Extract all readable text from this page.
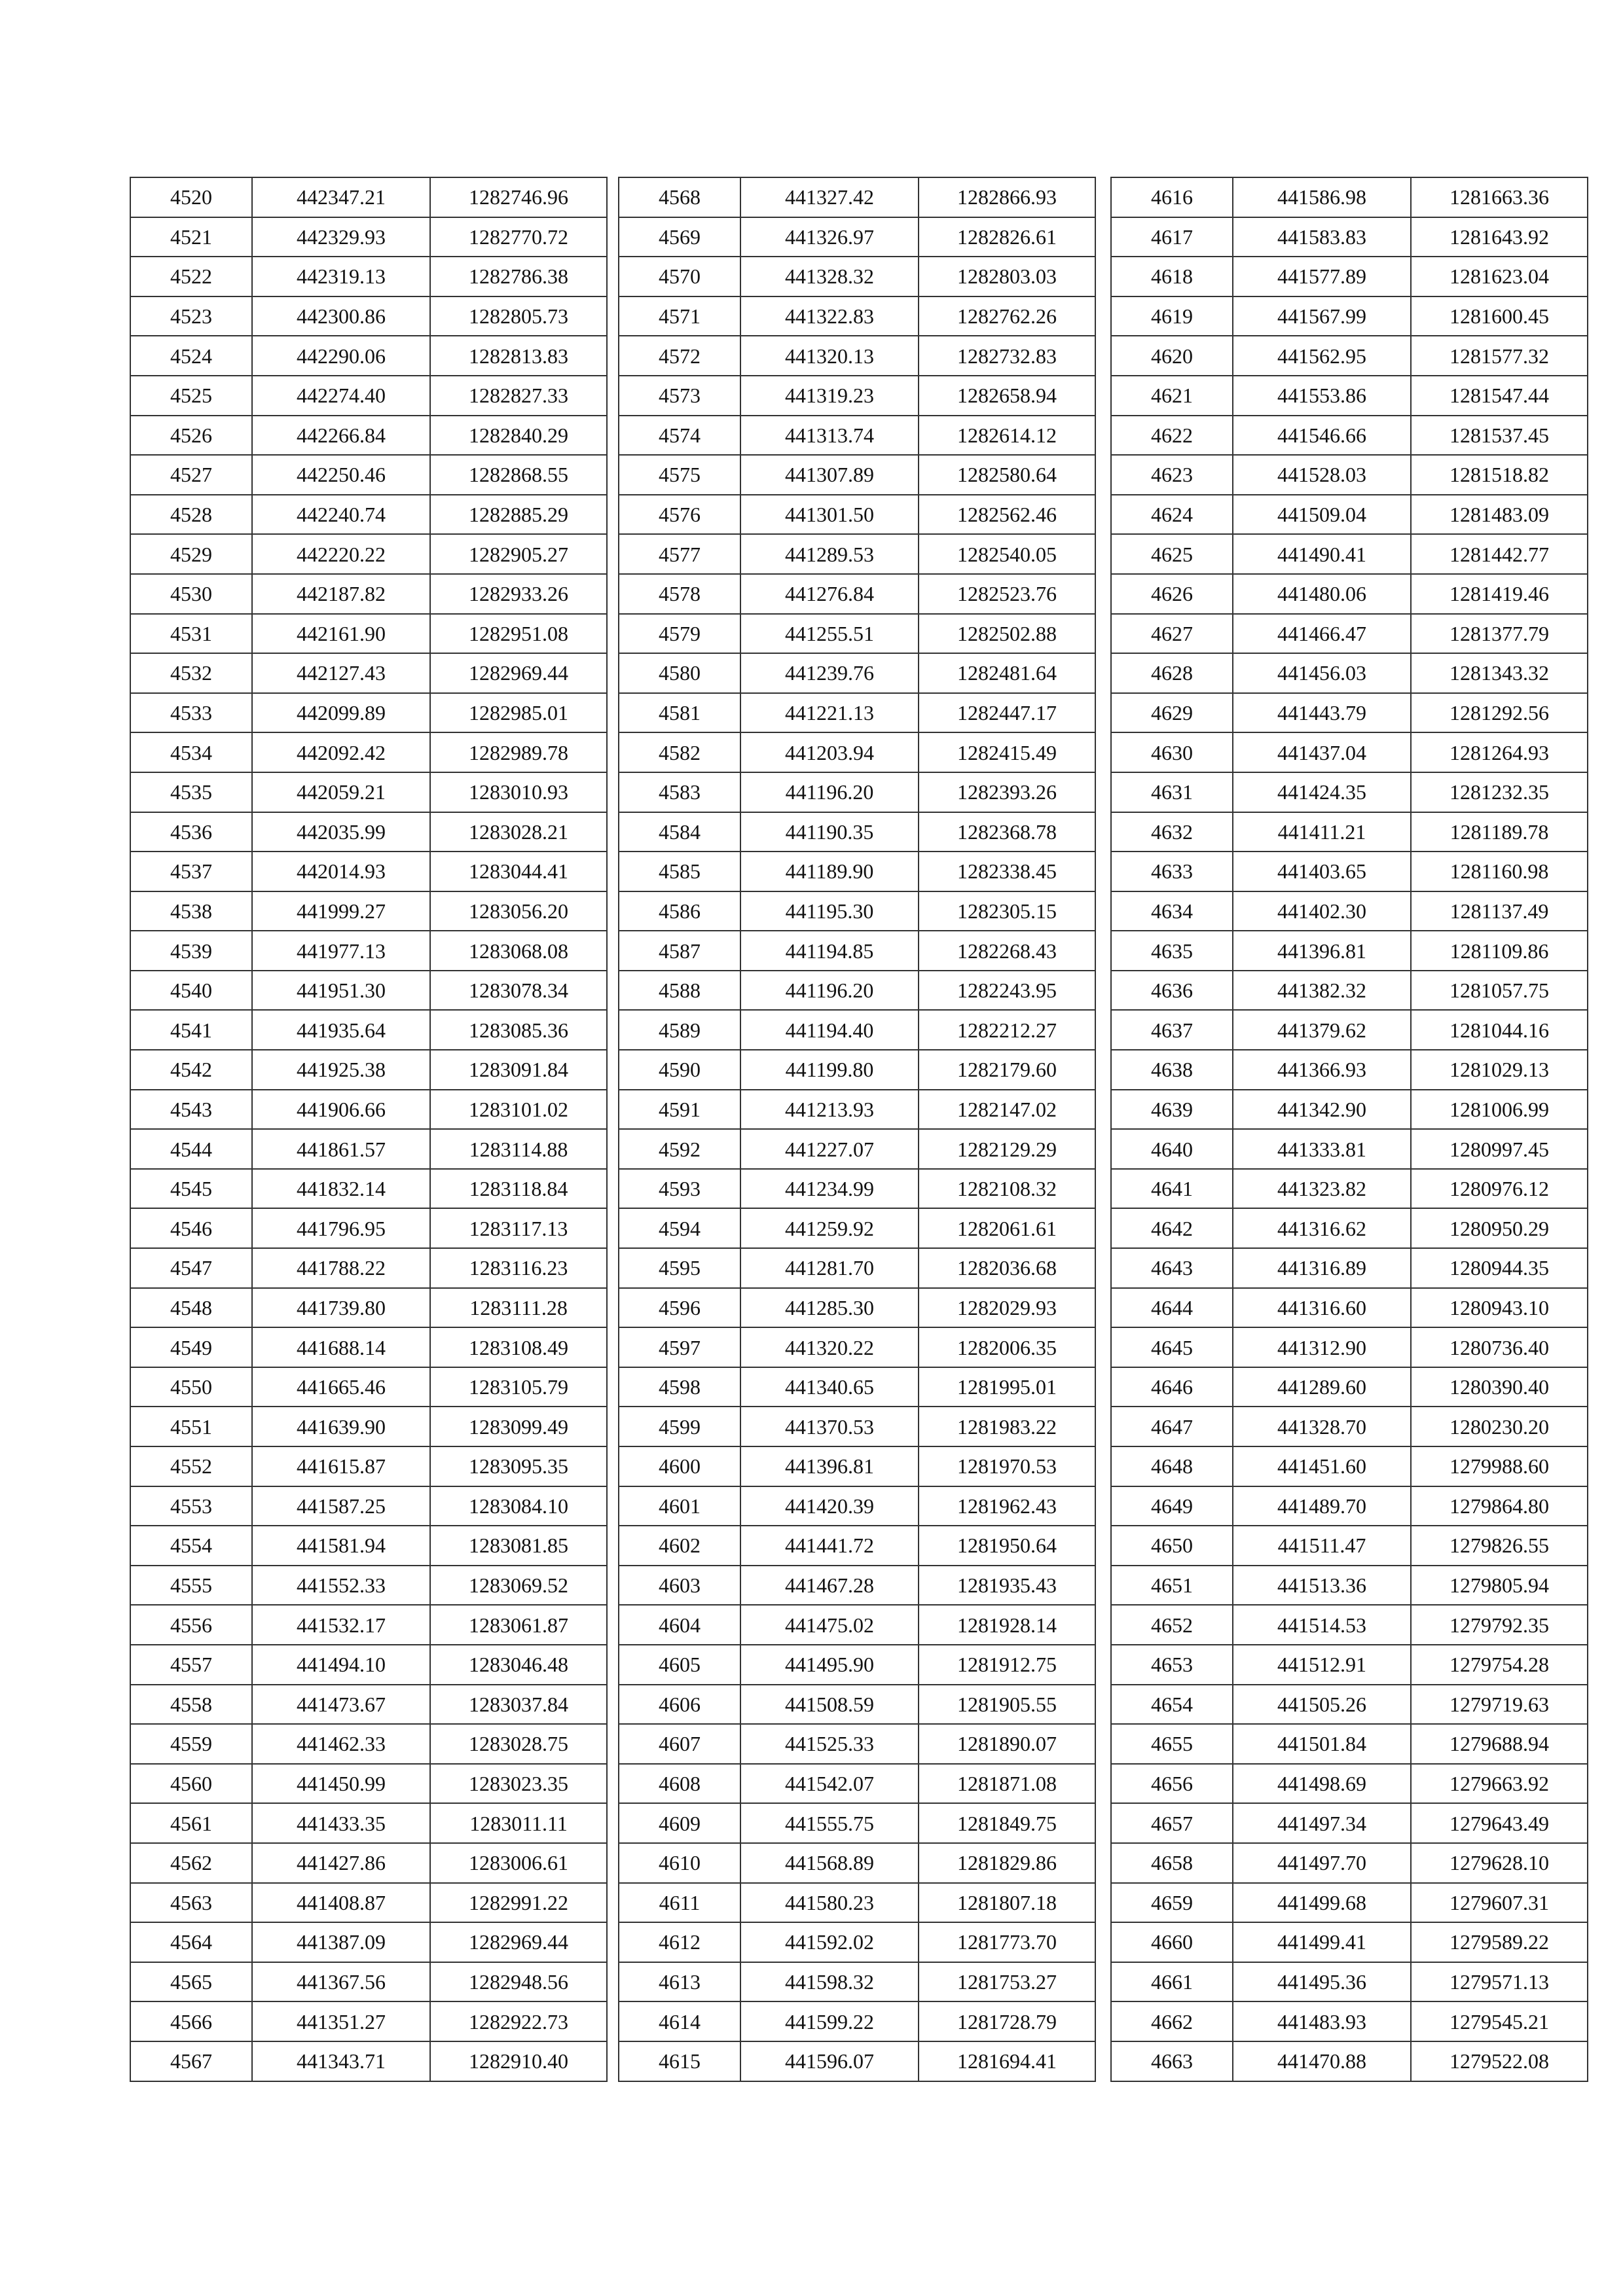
4520	442347.21	1282746.96
4521	442329.93	1282770.72
4522	442319.13	1282786.38
4523	442300.86	1282805.73
4524	442290.06	1282813.83
4525	442274.40	1282827.33
4526	442266.84	1282840.29
4527	442250.46	1282868.55
4528	442240.74	1282885.29
4529	442220.22	1282905.27
4530	442187.82	1282933.26
4531	442161.90	1282951.08
4532	442127.43	1282969.44
4533	442099.89	1282985.01
4534	442092.42	1282989.78
4535	442059.21	1283010.93
4536	442035.99	1283028.21
4537	442014.93	1283044.41
4538	441999.27	1283056.20
4539	441977.13	1283068.08
4540	441951.30	1283078.34
4541	441935.64	1283085.36
4542	441925.38	1283091.84
4543	441906.66	1283101.02
4544	441861.57	1283114.88
4545	441832.14	1283118.84
4546	441796.95	1283117.13
4547	441788.22	1283116.23
4548	441739.80	1283111.28
4549	441688.14	1283108.49
4550	441665.46	1283105.79
4551	441639.90	1283099.49
4552	441615.87	1283095.35
4553	441587.25	1283084.10
4554	441581.94	1283081.85
4555	441552.33	1283069.52
4556	441532.17	1283061.87
4557	441494.10	1283046.48
4558	441473.67	1283037.84
4559	441462.33	1283028.75
4560	441450.99	1283023.35
4561	441433.35	1283011.11
4562	441427.86	1283006.61
4563	441408.87	1282991.22
4564	441387.09	1282969.44
4565	441367.56	1282948.56
4566	441351.27	1282922.73
4567	441343.71	1282910.40
4568	441327.42	1282866.93
4569	441326.97	1282826.61
4570	441328.32	1282803.03
4571	441322.83	1282762.26
4572	441320.13	1282732.83
4573	441319.23	1282658.94
4574	441313.74	1282614.12
4575	441307.89	1282580.64
4576	441301.50	1282562.46
4577	441289.53	1282540.05
4578	441276.84	1282523.76
4579	441255.51	1282502.88
4580	441239.76	1282481.64
4581	441221.13	1282447.17
4582	441203.94	1282415.49
4583	441196.20	1282393.26
4584	441190.35	1282368.78
4585	441189.90	1282338.45
4586	441195.30	1282305.15
4587	441194.85	1282268.43
4588	441196.20	1282243.95
4589	441194.40	1282212.27
4590	441199.80	1282179.60
4591	441213.93	1282147.02
4592	441227.07	1282129.29
4593	441234.99	1282108.32
4594	441259.92	1282061.61
4595	441281.70	1282036.68
4596	441285.30	1282029.93
4597	441320.22	1282006.35
4598	441340.65	1281995.01
4599	441370.53	1281983.22
4600	441396.81	1281970.53
4601	441420.39	1281962.43
4602	441441.72	1281950.64
4603	441467.28	1281935.43
4604	441475.02	1281928.14
4605	441495.90	1281912.75
4606	441508.59	1281905.55
4607	441525.33	1281890.07
4608	441542.07	1281871.08
4609	441555.75	1281849.75
4610	441568.89	1281829.86
4611	441580.23	1281807.18
4612	441592.02	1281773.70
4613	441598.32	1281753.27
4614	441599.22	1281728.79
4615	441596.07	1281694.41
4616	441586.98	1281663.36
4617	441583.83	1281643.92
4618	441577.89	1281623.04
4619	441567.99	1281600.45
4620	441562.95	1281577.32
4621	441553.86	1281547.44
4622	441546.66	1281537.45
4623	441528.03	1281518.82
4624	441509.04	1281483.09
4625	441490.41	1281442.77
4626	441480.06	1281419.46
4627	441466.47	1281377.79
4628	441456.03	1281343.32
4629	441443.79	1281292.56
4630	441437.04	1281264.93
4631	441424.35	1281232.35
4632	441411.21	1281189.78
4633	441403.65	1281160.98
4634	441402.30	1281137.49
4635	441396.81	1281109.86
4636	441382.32	1281057.75
4637	441379.62	1281044.16
4638	441366.93	1281029.13
4639	441342.90	1281006.99
4640	441333.81	1280997.45
4641	441323.82	1280976.12
4642	441316.62	1280950.29
4643	441316.89	1280944.35
4644	441316.60	1280943.10
4645	441312.90	1280736.40
4646	441289.60	1280390.40
4647	441328.70	1280230.20
4648	441451.60	1279988.60
4649	441489.70	1279864.80
4650	441511.47	1279826.55
4651	441513.36	1279805.94
4652	441514.53	1279792.35
4653	441512.91	1279754.28
4654	441505.26	1279719.63
4655	441501.84	1279688.94
4656	441498.69	1279663.92
4657	441497.34	1279643.49
4658	441497.70	1279628.10
4659	441499.68	1279607.31
4660	441499.41	1279589.22
4661	441495.36	1279571.13
4662	441483.93	1279545.21
4663	441470.88	1279522.08
